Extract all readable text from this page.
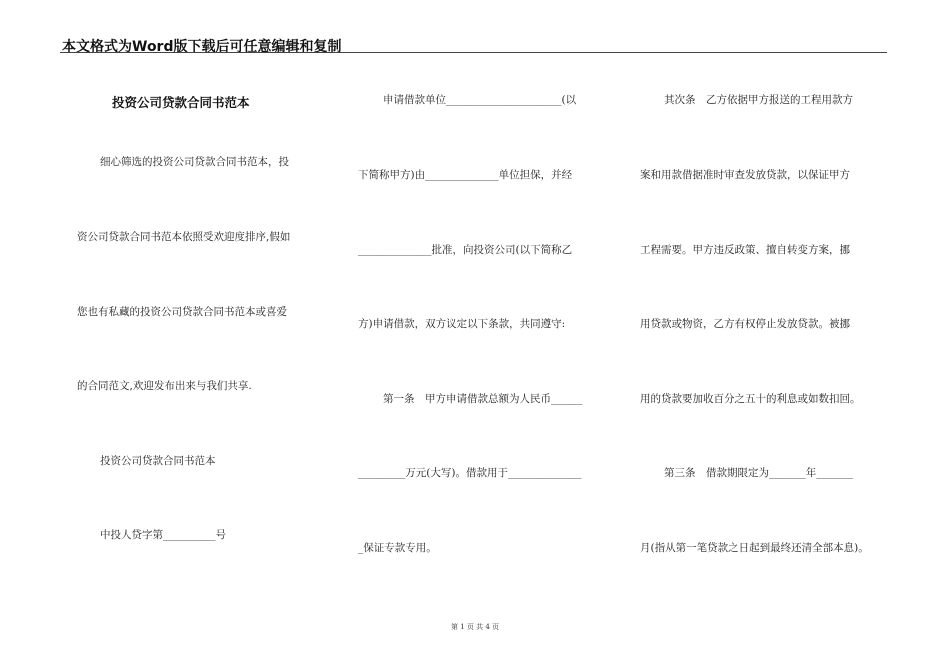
本文格式为Word版下载后可任意编辑和复制
投资公司贷款合同书范本
细心筛选的投资公司贷款合同书范本，投
资公司贷款合同书范本依照受欢迎度排序,假如
您也有私藏的投资公司贷款合同书范本或喜爱
的合同范文,欢迎发布出来与我们共享.
投资公司贷款合同书范本
中投人贷字第__________号
申请借款单位______________________(以
下简称甲方)由______________单位担保，并经
______________批准，向投资公司(以下简称乙
方)申请借款，双方议定以下条款，共同遵守:
第一条　甲方申请借款总额为人民币______
_________万元(大写)。借款用于______________
_保证专款专用。
其次条　乙方依据甲方报送的工程用款方
案和用款借据准时审查发放贷款，以保证甲方
工程需要。甲方违反政策、擅自转变方案，挪
用贷款或物资，乙方有权停止发放贷款。被挪
用的贷款要加收百分之五十的利息或如数扣回。
第三条　借款期限定为_______年_______
月(指从第一笔贷款之日起到最终还清全部本息)。
第 1 页 共 4 页
